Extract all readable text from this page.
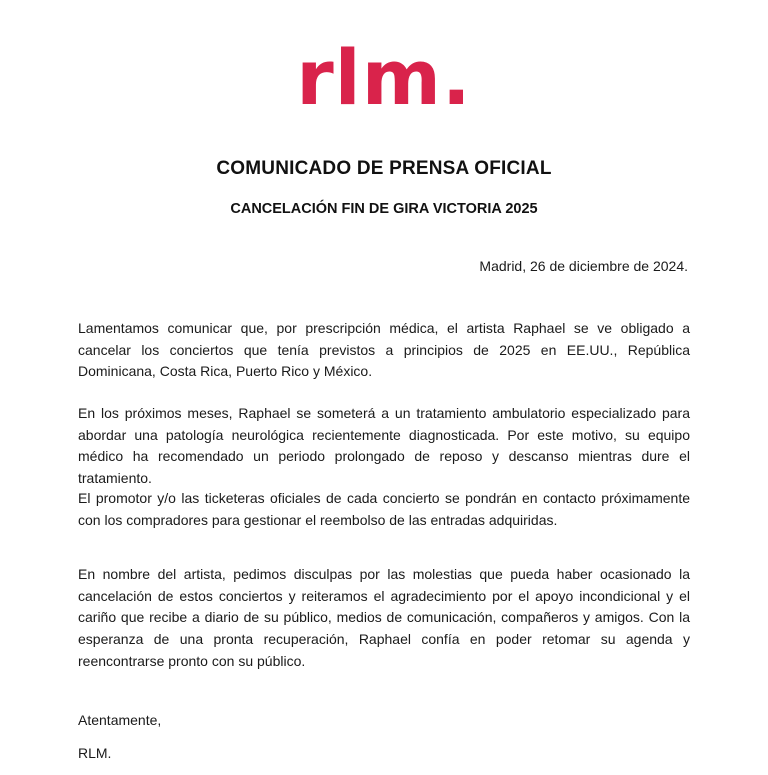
rlm.
COMUNICADO DE PRENSA OFICIAL
CANCELACIÓN FIN DE GIRA VICTORIA 2025
Madrid, 26 de diciembre de 2024.

Lamentamos comunicar que, por prescripción médica, el artista Raphael se ve obligado a cancelar los conciertos que tenía previstos a principios de 2025 en EE.UU., República Dominicana, Costa Rica, Puerto Rico y México.

En los próximos meses, Raphael se someterá a un tratamiento ambulatorio especializado para abordar una patología neurológica recientemente diagnosticada. Por este motivo, su equipo médico ha recomendado un periodo prolongado de reposo y descanso mientras dure el tratamiento.

El promotor y/o las ticketeras oficiales de cada concierto se pondrán en contacto próximamente con los compradores para gestionar el reembolso de las entradas adquiridas.

En nombre del artista, pedimos disculpas por las molestias que pueda haber ocasionado la cancelación de estos conciertos y reiteramos el agradecimiento por el apoyo incondicional y el cariño que recibe a diario de su público, medios de comunicación, compañeros y amigos. Con la esperanza de una pronta recuperación, Raphael confía en poder retomar su agenda y reencontrarse pronto con su público.

Atentamente,
RLM.
